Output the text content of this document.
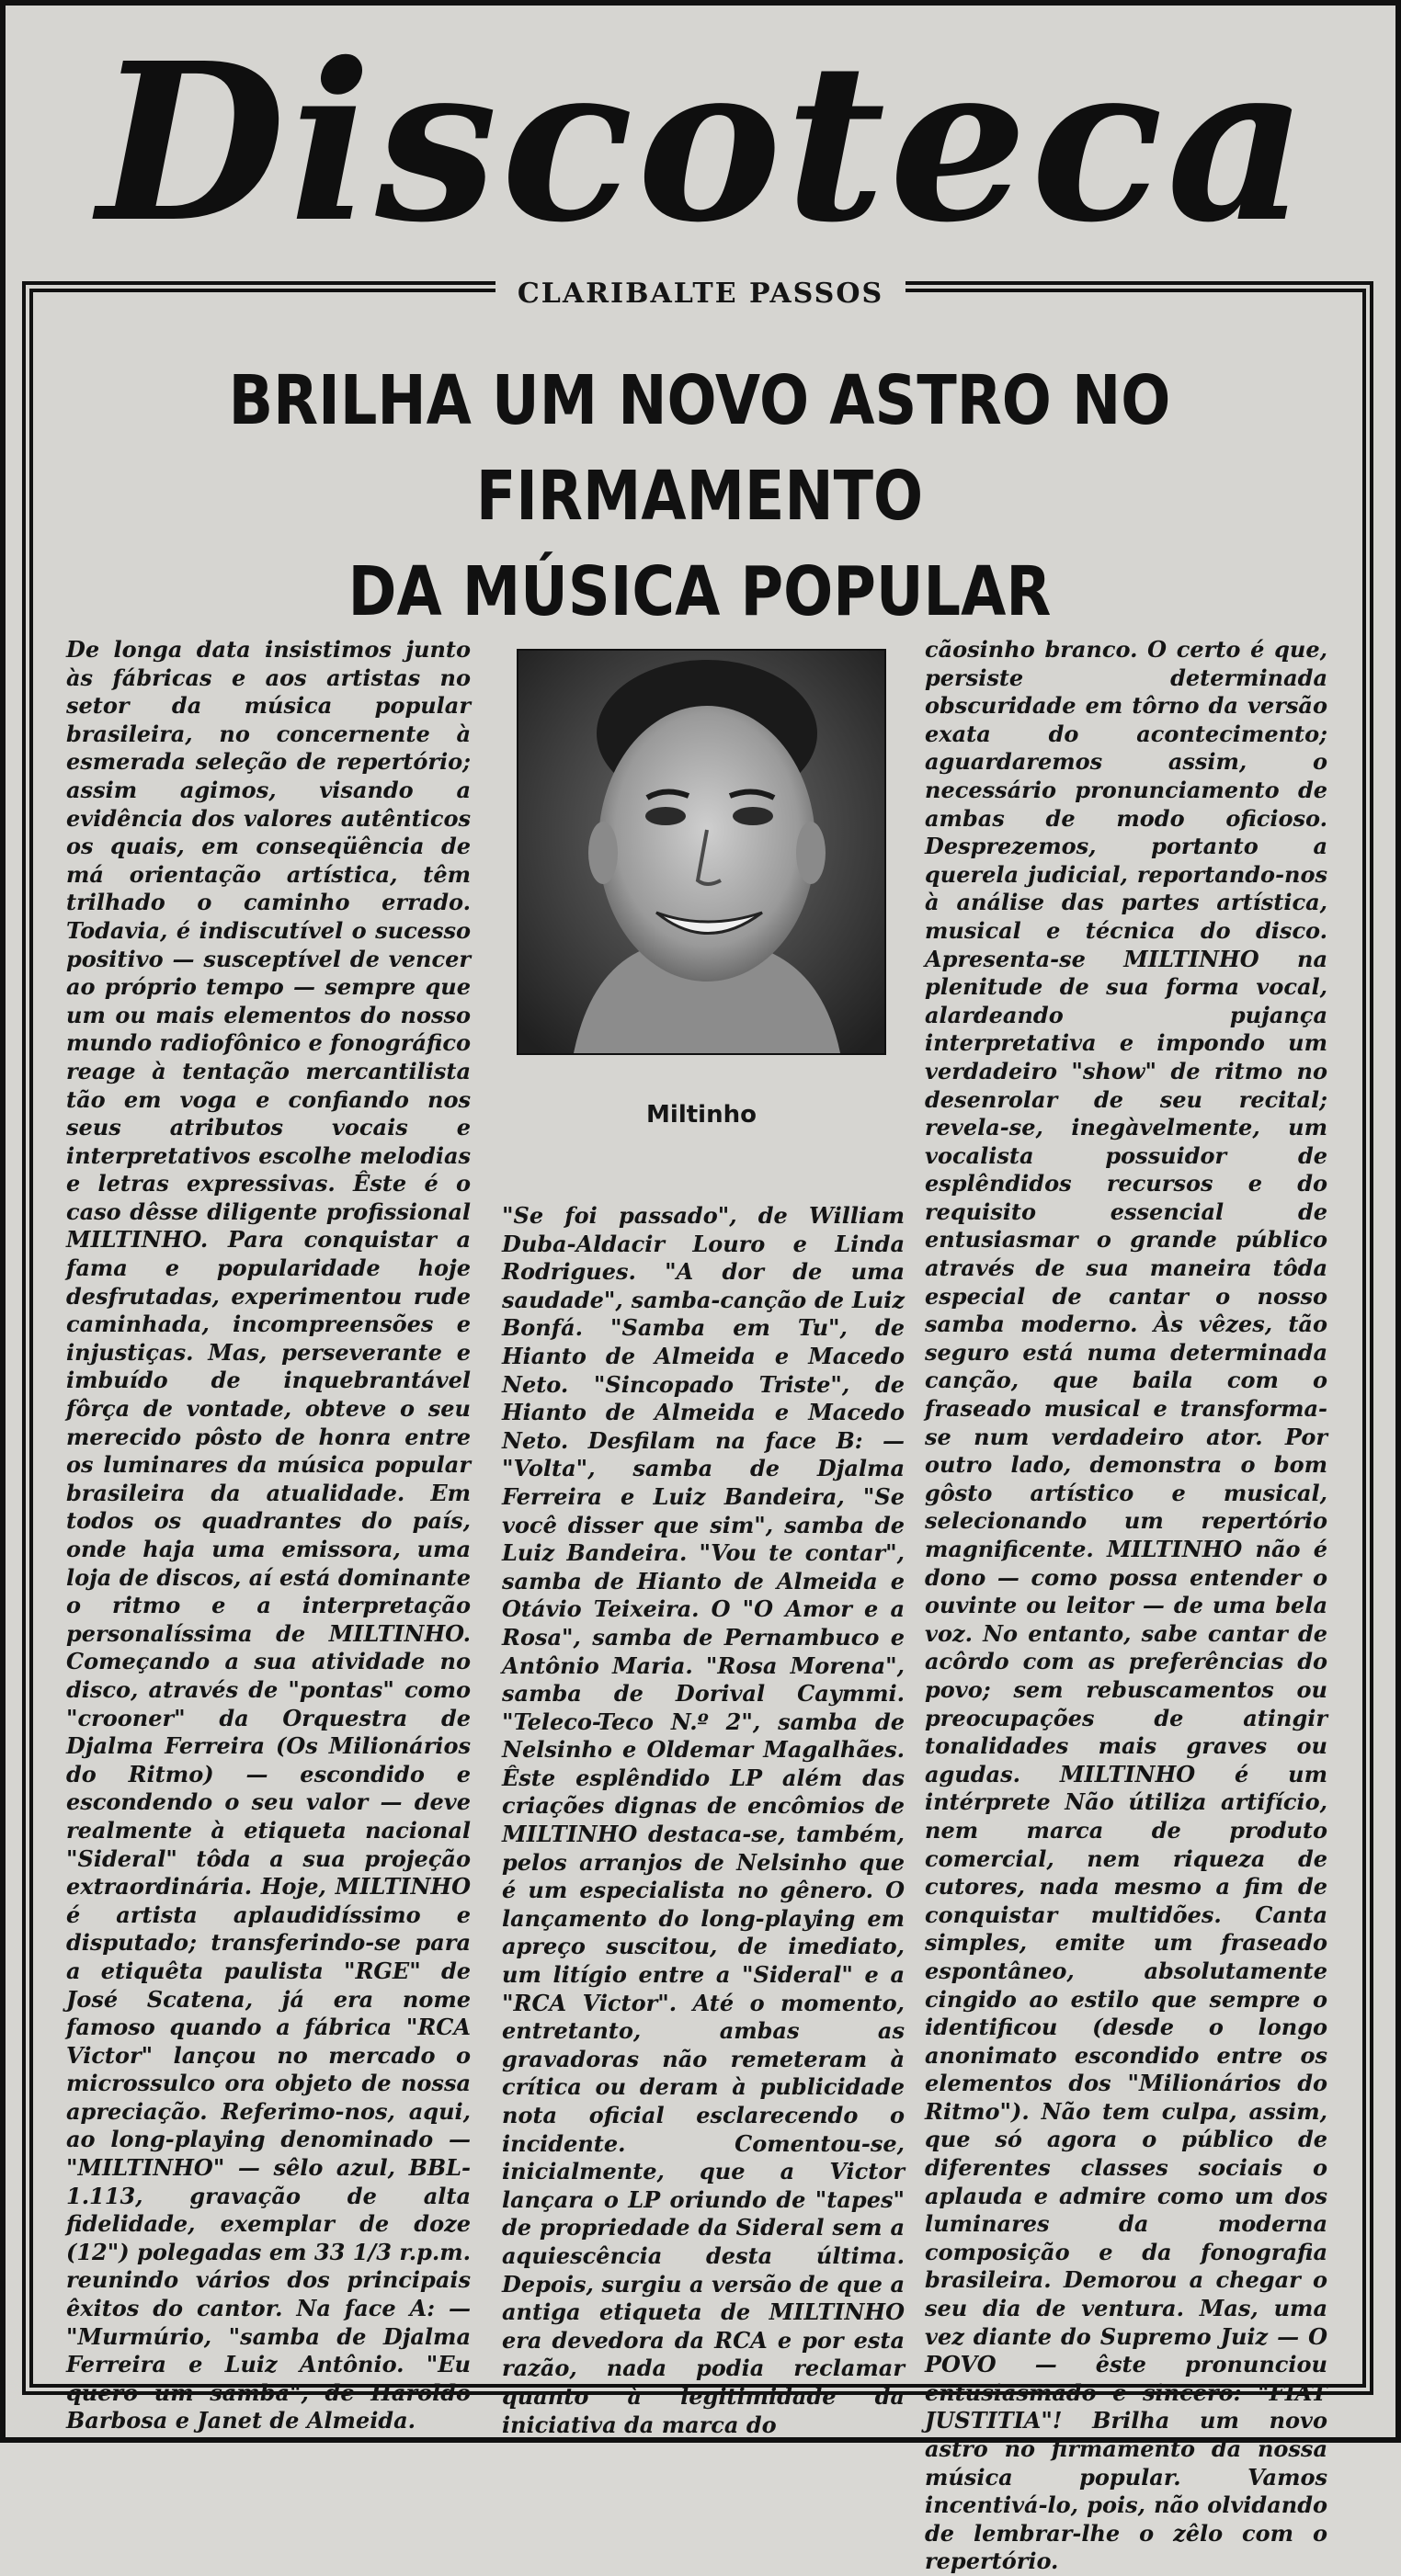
Discoteca
CLARIBALTE PASSOS
BRILHA UM NOVO ASTRO NO FIRMAMENTO
DA MÚSICA POPULAR
De longa data insistimos junto às fábricas e aos artistas no setor da música popular brasileira, no concernente à esmerada seleção de repertório; assim agimos, visando a evidência dos valores autênticos os quais, em conseqüência de má orientação artística, têm trilhado o caminho errado. Todavia, é indiscutível o sucesso positivo — susceptível de vencer ao próprio tempo — sempre que um ou mais elementos do nosso mundo radiofônico e fonográfico reage à tentação mercantilista tão em voga e confiando nos seus atributos vocais e interpretativos escolhe melodias e letras expressivas. Êste é o caso dêsse diligente profissional MILTINHO. Para conquistar a fama e popularidade hoje desfrutadas, experimentou rude caminhada, incompreensões e injustiças. Mas, perseverante e imbuído de inquebrantável fôrça de vontade, obteve o seu merecido pôsto de honra entre os luminares da música popular brasileira da atualidade. Em todos os quadrantes do país, onde haja uma emissora, uma loja de discos, aí está dominante o ritmo e a interpretação personalíssima de MILTINHO. Começando a sua atividade no disco, através de "pontas" como "crooner" da Orquestra de Djalma Ferreira (Os Milionários do Ritmo) — escondido e escondendo o seu valor — deve realmente à etiqueta nacional "Sideral" tôda a sua projeção extraordinária. Hoje, MILTINHO é artista aplaudidíssimo e disputado; transferindo-se para a etiquêta paulista "RGE" de José Scatena, já era nome famoso quando a fábrica "RCA Victor" lançou no mercado o microssulco ora objeto de nossa apreciação. Referimo-nos, aqui, ao long-playing denominado — "MILTINHO" — sêlo azul, BBL-1.113, gravação de alta fidelidade, exemplar de doze (12") polegadas em 33 1/3 r.p.m. reunindo vários dos principais êxitos do cantor. Na face A: — "Murmúrio, "samba de Djalma Ferreira e Luiz Antônio. "Eu quero um samba", de Haroldo Barbosa e Janet de Almeida.
Miltinho
"Se foi passado", de William Duba-Aldacir Louro e Linda Rodrigues. "A dor de uma saudade", samba-canção de Luiz Bonfá. "Samba em Tu", de Hianto de Almeida e Macedo Neto. "Sincopado Triste", de Hianto de Almeida e Macedo Neto. Desfilam na face B: — "Volta", samba de Djalma Ferreira e Luiz Bandeira, "Se você disser que sim", samba de Luiz Bandeira. "Vou te contar", samba de Hianto de Almeida e Otávio Teixeira. O "O Amor e a Rosa", samba de Pernambuco e Antônio Maria. "Rosa Morena", samba de Dorival Caymmi. "Teleco-Teco N.º 2", samba de Nelsinho e Oldemar Magalhães. Êste esplêndido LP além das criações dignas de encômios de MILTINHO destaca-se, também, pelos arranjos de Nelsinho que é um especialista no gênero. O lançamento do long-playing em apreço suscitou, de imediato, um litígio entre a "Sideral" e a "RCA Victor". Até o momento, entretanto, ambas as gravadoras não remeteram à crítica ou deram à publicidade nota oficial esclarecendo o incidente. Comentou-se, inicialmente, que a Victor lançara o LP oriundo de "tapes" de propriedade da Sideral sem a aquiescência desta última. Depois, surgiu a versão de que a antiga etiqueta de MILTINHO era devedora da RCA e por esta razão, nada podia reclamar quanto à legitimidade da iniciativa da marca do
cãosinho branco. O certo é que, persiste determinada obscuridade em tôrno da versão exata do acontecimento; aguardaremos assim, o necessário pronunciamento de ambas de modo oficioso. Desprezemos, portanto a querela judicial, reportando-nos à análise das partes artística, musical e técnica do disco. Apresenta-se MILTINHO na plenitude de sua forma vocal, alardeando pujança interpretativa e impondo um verdadeiro "show" de ritmo no desenrolar de seu recital; revela-se, inegàvelmente, um vocalista possuidor de esplêndidos recursos e do requisito essencial de entusiasmar o grande público através de sua maneira tôda especial de cantar o nosso samba moderno. Às vêzes, tão seguro está numa determinada canção, que baila com o fraseado musical e transforma-se num verdadeiro ator. Por outro lado, demonstra o bom gôsto artístico e musical, selecionando um repertório magnificente. MILTINHO não é dono — como possa entender o ouvinte ou leitor — de uma bela voz. No entanto, sabe cantar de acôrdo com as preferências do povo; sem rebuscamentos ou preocupações de atingir tonalidades mais graves ou agudas. MILTINHO é um intérprete Não útiliza artifício, nem marca de produto comercial, nem riqueza de cutores, nada mesmo a fim de conquistar multidões. Canta simples, emite um fraseado espontâneo, absolutamente cingido ao estilo que sempre o identificou (desde o longo anonimato escondido entre os elementos dos "Milionários do Ritmo"). Não tem culpa, assim, que só agora o público de diferentes classes sociais o aplauda e admire como um dos luminares da moderna composição e da fonografia brasileira. Demorou a chegar o seu dia de ventura. Mas, uma vez diante do Supremo Juiz — O POVO — êste pronunciou entusiasmado e sincero: "FIAT JUSTITIA"! Brilha um novo astro no firmamento da nossa música popular. Vamos incentivá-lo, pois, não olvidando de lembrar-lhe o zêlo com o repertório.
